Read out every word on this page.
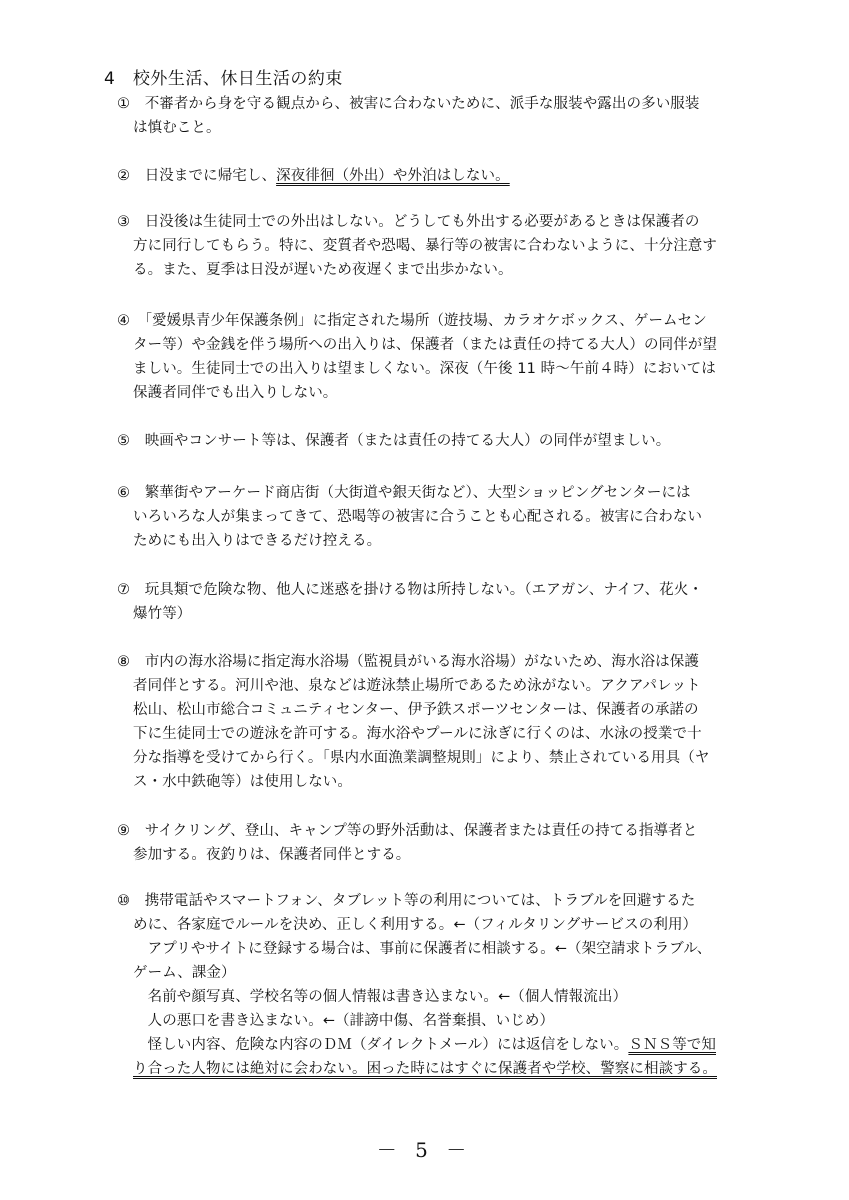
4　校外生活、休日生活の約束
①　不審者から身を守る観点から、被害に合わないために、派手な服装や露出の多い服装
は慎むこと。
②　日没までに帰宅し、深夜徘徊（外出）や外泊はしない。
③　日没後は生徒同士での外出はしない。どうしても外出する必要があるときは保護者の
方に同行してもらう。特に、変質者や恐喝、暴行等の被害に合わないように、十分注意す
る。また、夏季は日没が遅いため夜遅くまで出歩かない。
④　「愛媛県青少年保護条例」に指定された場所（遊技場、カラオケボックス、ゲームセン
ター等）や金銭を伴う場所への出入りは、保護者（または責任の持てる大人）の同伴が望
ましい。生徒同士での出入りは望ましくない。深夜（午後 11 時～午前４時）においては
保護者同伴でも出入りしない。
⑤　映画やコンサート等は、保護者（または責任の持てる大人）の同伴が望ましい。
⑥　繁華街やアーケード商店街（大街道や銀天街など）、大型ショッピングセンターには
いろいろな人が集まってきて、恐喝等の被害に合うことも心配される。被害に合わない
ためにも出入りはできるだけ控える。
⑦　玩具類で危険な物、他人に迷惑を掛ける物は所持しない。（エアガン、ナイフ、花火・
爆竹等）
⑧　市内の海水浴場に指定海水浴場（監視員がいる海水浴場）がないため、海水浴は保護
者同伴とする。河川や池、泉などは遊泳禁止場所であるため泳がない。アクアパレット
松山、松山市総合コミュニティセンター、伊予鉄スポーツセンターは、保護者の承諾の
下に生徒同士での遊泳を許可する。海水浴やプールに泳ぎに行くのは、水泳の授業で十
分な指導を受けてから行く。「県内水面漁業調整規則」により、禁止されている用具（ヤ
ス・水中鉄砲等）は使用しない。
⑨　サイクリング、登山、キャンプ等の野外活動は、保護者または責任の持てる指導者と
参加する。夜釣りは、保護者同伴とする。
⑩　携帯電話やスマートフォン、タブレット等の利用については、トラブルを回避するた
めに、各家庭でルールを決め、正しく利用する。←（フィルタリングサービスの利用）
　アプリやサイトに登録する場合は、事前に保護者に相談する。←（架空請求トラブル、
ゲーム、課金）
　名前や顔写真、学校名等の個人情報は書き込まない。←（個人情報流出）
　人の悪口を書き込まない。←（誹謗中傷、名誉棄損、いじめ）
　怪しい内容、危険な内容のＤＭ（ダイレクトメール）には返信をしない。ＳＮＳ等で知
り合った人物には絶対に会わない。困った時にはすぐに保護者や学校、警察に相談する。
－ 5 －
